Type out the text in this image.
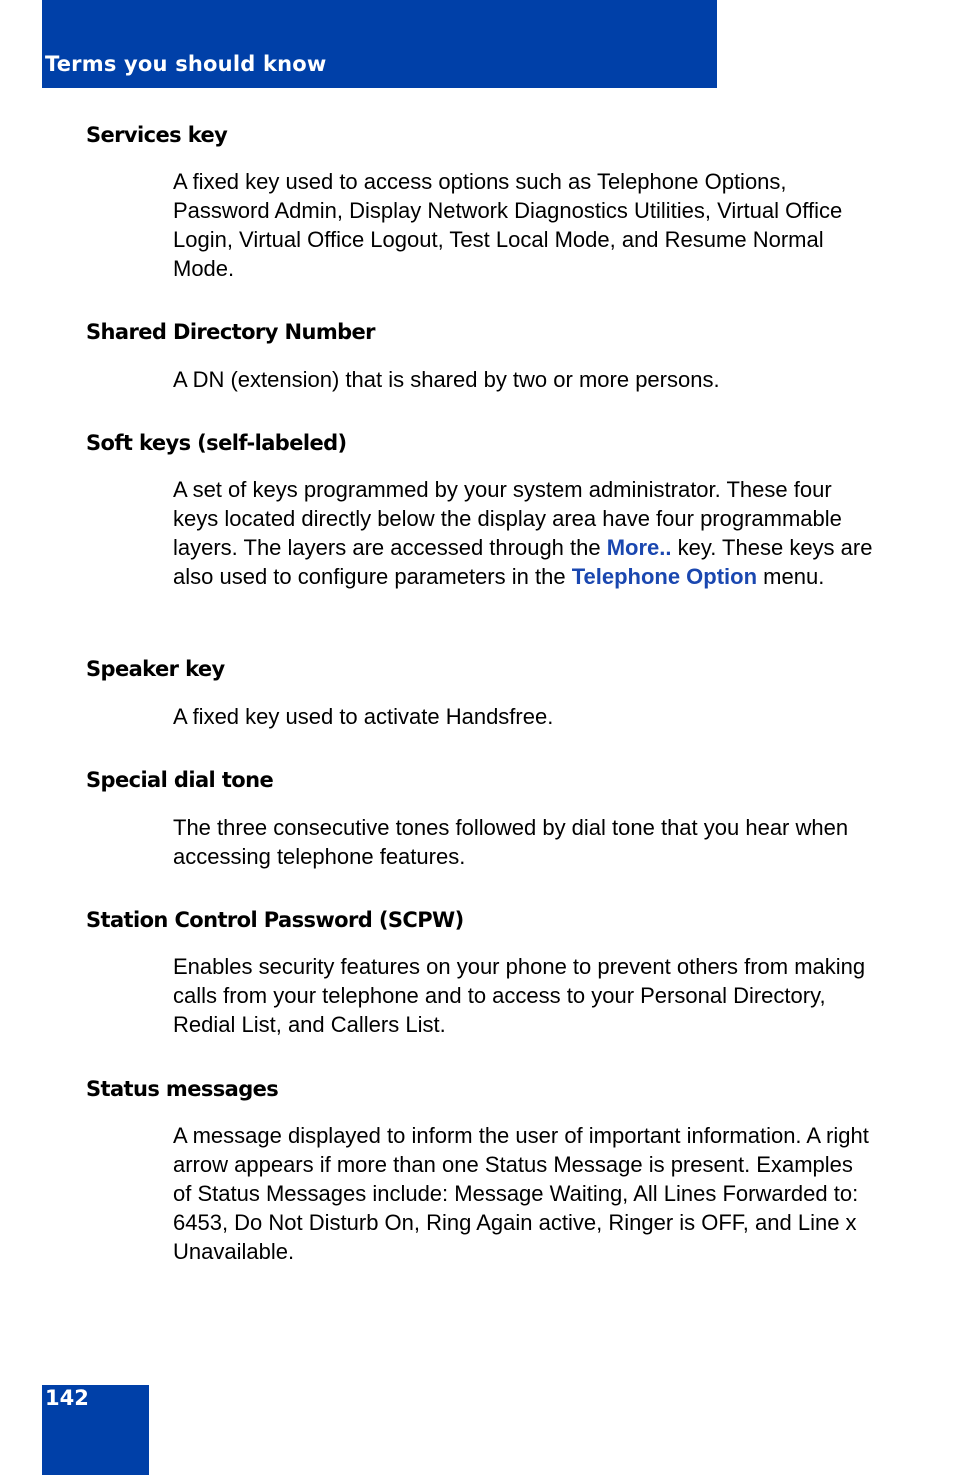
Terms you should know
Services key
A fixed key used to access options such as Telephone Options, Password Admin, Display Network Diagnostics Utilities, Virtual Office Login, Virtual Office Logout, Test Local Mode, and Resume Normal Mode.
Shared Directory Number
A DN (extension) that is shared by two or more persons.
Soft keys (self-labeled)
A set of keys programmed by your system administrator. These four keys located directly below the display area have four programmable layers. The layers are accessed through the More.. key. These keys are also used to configure parameters in the Telephone Option menu.
Speaker key
A fixed key used to activate Handsfree.
Special dial tone
The three consecutive tones followed by dial tone that you hear when accessing telephone features.
Station Control Password (SCPW)
Enables security features on your phone to prevent others from making calls from your telephone and to access to your Personal Directory, Redial List, and Callers List.
Status messages
A message displayed to inform the user of important information. A right arrow appears if more than one Status Message is present. Examples of Status Messages include: Message Waiting, All Lines Forwarded to: 6453, Do Not Disturb On, Ring Again active, Ringer is OFF, and Line x Unavailable.
142
